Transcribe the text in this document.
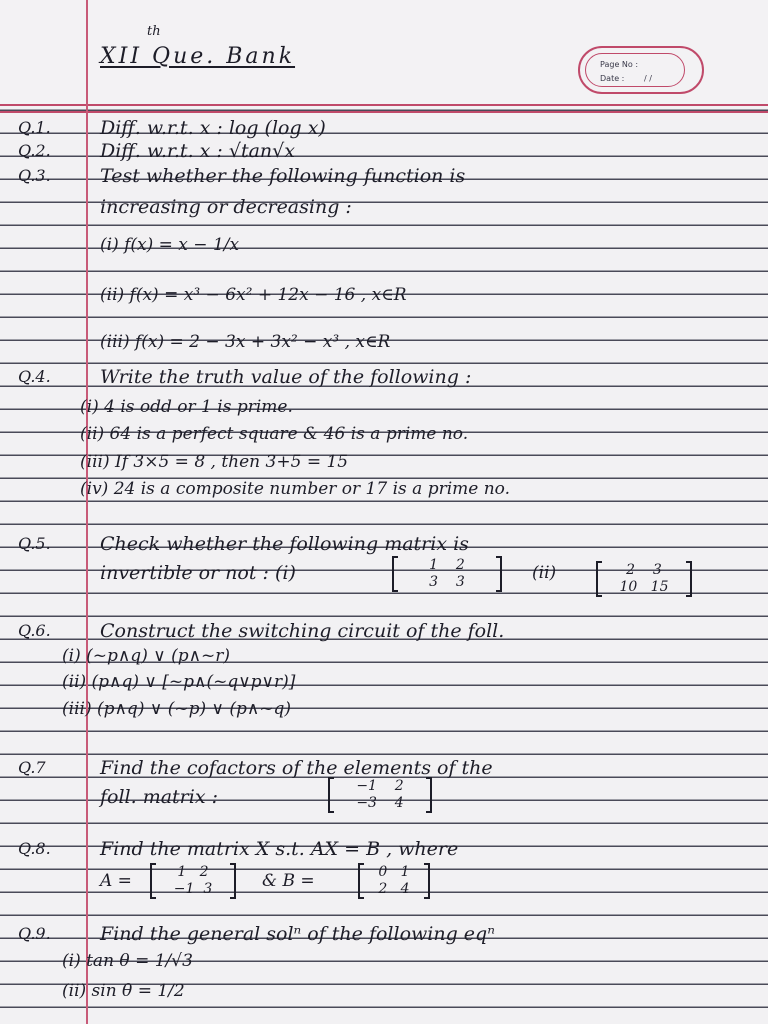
XII Que. Bank
th
Page No :
Date : / /
Q.1.	Diff. w.r.t. x : log (log x)
Q.2.	Diff. w.r.t. x : √tan√x
Q.3.	Test whether the following function is
increasing or decreasing :
(i) f(x) = x − 1/x
(ii) f(x) = x³ − 6x² + 12x − 16 , x∈R
(iii) f(x) = 2 − 3x + 3x² − x³ , x∈R
Q.4.	Write the truth value of the following :
(i) 4 is odd or 1 is prime.
(ii) 64 is a perfect square & 46 is a prime no.
(iii) If 3×5 = 8 , then 3+5 = 15
(iv) 24 is a composite number or 17 is a prime no.
Q.5.	Check whether the following matrix is
invertible or not : (i)	1 2
3 3	(ii)	2 3
10 15
Q.6.	Construct the switching circuit of the foll.
(i) (~p∧q) ∨ (p∧~r)
(ii) (p∧q) ∨ [~p∧(~q∨p∨r)]
(iii) (p∧q) ∨ (~p) ∨ (p∧~q)
Q.7	Find the cofactors of the elements of the
foll. matrix :	−1 2
−3 4
Q.8.	Find the matrix X s.t. AX = B , where
A =	1 2
−1 3	& B =	0 1
2 4
Q.9.	Find the general solⁿ of the following eqⁿ
(i) tan θ = 1/√3
(ii) sin θ = 1/2
